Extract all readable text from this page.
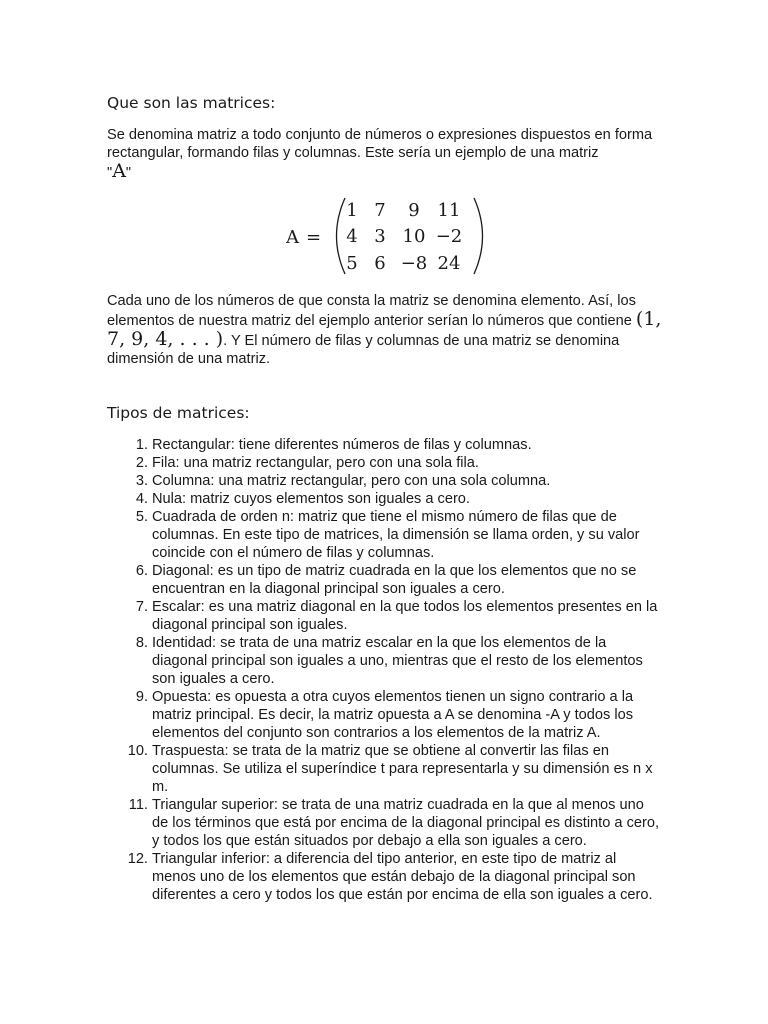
Que son las matrices:

Se denomina matriz a todo conjunto de números o expresiones dispuestos en forma rectangular, formando filas y columnas. Este sería un ejemplo de una matriz
"A"

A =
1 7 9 11
4 3 10 −2
5 6 −8 24

Cada uno de los números de que consta la matriz se denomina elemento. Así, los elementos de nuestra matriz del ejemplo anterior serían lo números que contiene (1, 7, 9, 4, . . . ). Y El número de filas y columnas de una matriz se denomina dimensión de una matriz.

Tipos de matrices:
1. Rectangular: tiene diferentes números de filas y columnas.
2. Fila: una matriz rectangular, pero con una sola fila.
3. Columna: una matriz rectangular, pero con una sola columna.
4. Nula: matriz cuyos elementos son iguales a cero.
5. Cuadrada de orden n: matriz que tiene el mismo número de filas que de columnas. En este tipo de matrices, la dimensión se llama orden, y su valor coincide con el número de filas y columnas.
6. Diagonal: es un tipo de matriz cuadrada en la que los elementos que no se encuentran en la diagonal principal son iguales a cero.
7. Escalar: es una matriz diagonal en la que todos los elementos presentes en la diagonal principal son iguales.
8. Identidad: se trata de una matriz escalar en la que los elementos de la diagonal principal son iguales a uno, mientras que el resto de los elementos son iguales a cero.
9. Opuesta: es opuesta a otra cuyos elementos tienen un signo contrario a la matriz principal. Es decir, la matriz opuesta a A se denomina -A y todos los elementos del conjunto son contrarios a los elementos de la matriz A.
10. Traspuesta: se trata de la matriz que se obtiene al convertir las filas en columnas. Se utiliza el superíndice t para representarla y su dimensión es n x m.
11. Triangular superior: se trata de una matriz cuadrada en la que al menos uno de los términos que está por encima de la diagonal principal es distinto a cero, y todos los que están situados por debajo a ella son iguales a cero.
12. Triangular inferior: a diferencia del tipo anterior, en este tipo de matriz al menos uno de los elementos que están debajo de la diagonal principal son diferentes a cero y todos los que están por encima de ella son iguales a cero.
